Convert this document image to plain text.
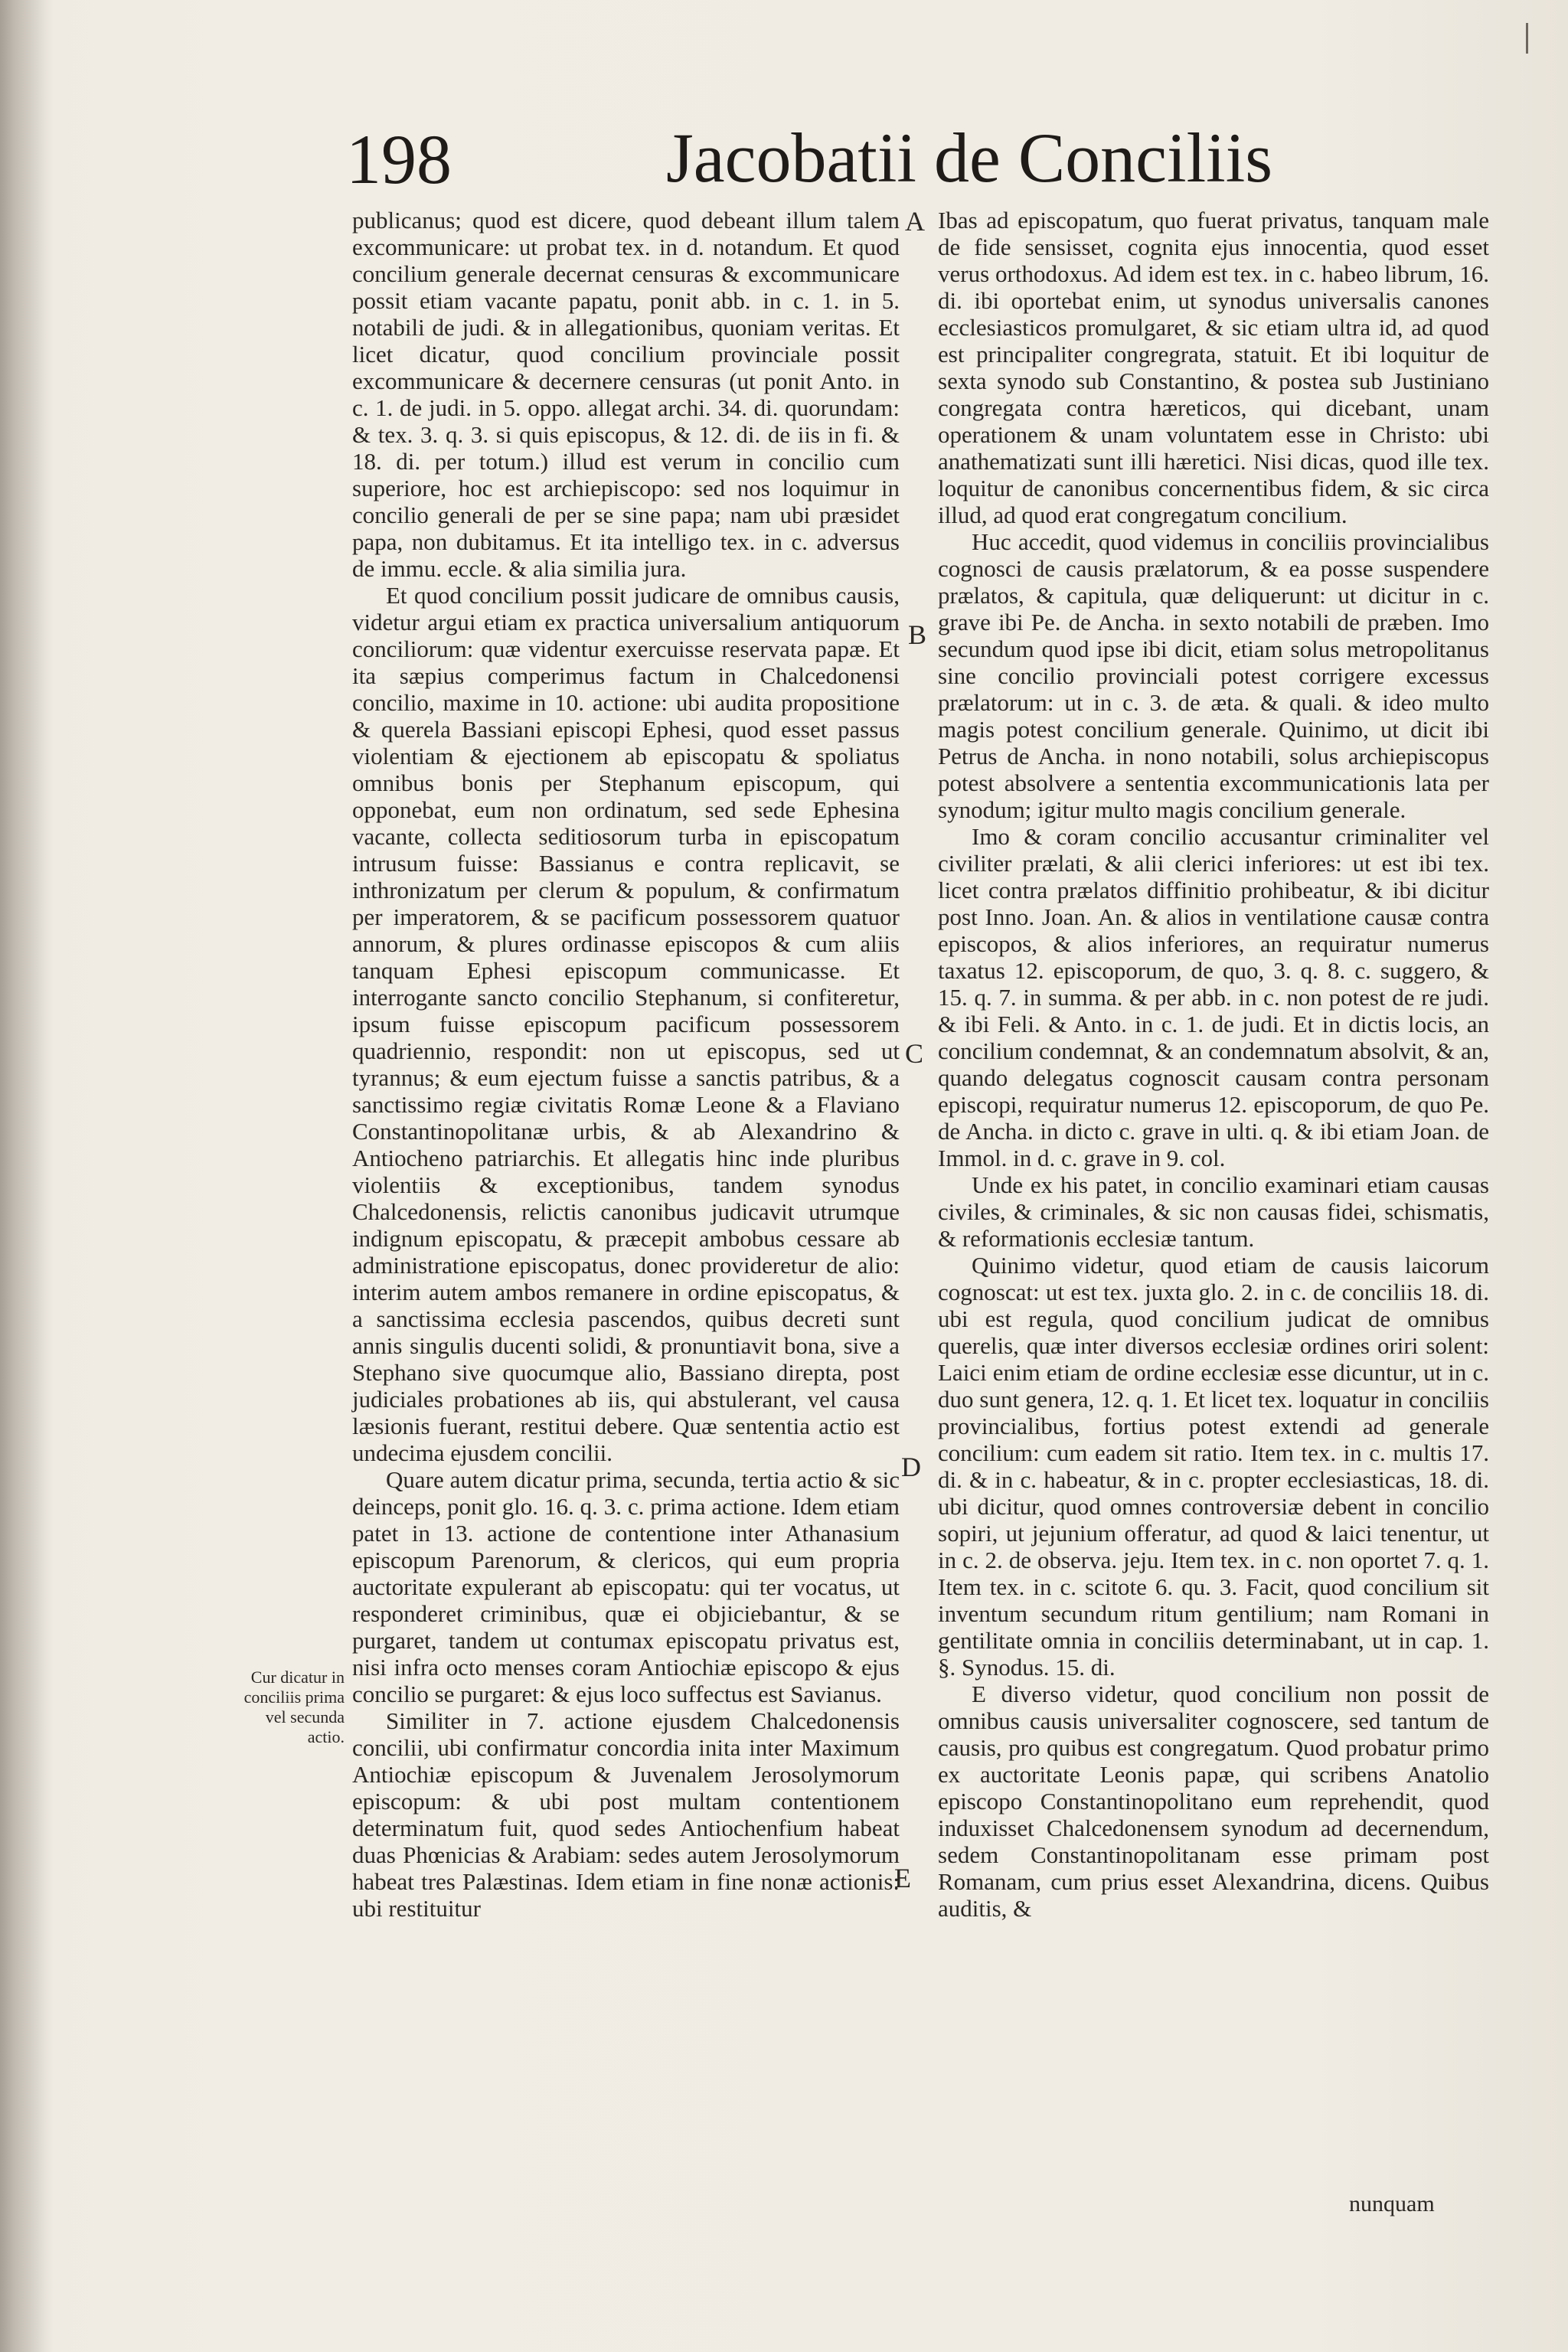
198	Jacobatii de Conciliis

publicanus; quod est dicere, quod debeant illum talem excommunicare: ut probat tex. in d. notandum. Et quod concilium generale decernat censuras & excommunicare possit etiam vacante papatu, ponit abb. in c. 1. in 5. notabili de judi. & in allegationibus, quoniam veritas. Et licet dicatur, quod concilium provinciale possit excommunicare & decernere censuras (ut ponit Anto. in c. 1. de judi. in 5. oppo. allegat archi. 34. di. quorundam: & tex. 3. q. 3. si quis episcopus, & 12. di. de iis in fi. & 18. di. per totum.) illud est verum in concilio cum superiore, hoc est archiepiscopo: sed nos loquimur in concilio generali de per se sine papa; nam ubi præsidet papa, non dubitamus. Et ita intelligo tex. in c. adversus de immu. eccle. & alia similia jura.

Et quod concilium possit judicare de omnibus causis, videtur argui etiam ex practica universalium antiquorum conciliorum: quæ videntur exercuisse reservata papæ. Et ita sæpius comperimus factum in Chalcedonensi concilio, maxime in 10. actione: ubi audita propositione & querela Bassiani episcopi Ephesi, quod esset passus violentiam & ejectionem ab episcopatu & spoliatus omnibus bonis per Stephanum episcopum, qui opponebat, eum non ordinatum, sed sede Ephesina vacante, collecta seditiosorum turba in episcopatum intrusum fuisse: Bassianus e contra replicavit, se inthronizatum per clerum & populum, & confirmatum per imperatorem, & se pacificum possessorem quatuor annorum, & plures ordinasse episcopos & cum aliis tanquam Ephesi episcopum communicasse. Et interrogante sancto concilio Stephanum, si confiteretur, ipsum fuisse episcopum pacificum possessorem quadriennio, respondit: non ut episcopus, sed ut tyrannus; & eum ejectum fuisse a sanctis patribus, & a sanctissimo regiæ civitatis Romæ Leone & a Flaviano Constantinopolitanæ urbis, & ab Alexandrino & Antiocheno patriarchis. Et allegatis hinc inde pluribus violentiis & exceptionibus, tandem synodus Chalcedonensis, relictis canonibus judicavit utrumque indignum episcopatu, & præcepit ambobus cessare ab administratione episcopatus, donec provideretur de alio: interim autem ambos remanere in ordine episcopatus, & a sanctissima ecclesia pascendos, quibus decreti sunt annis singulis ducenti solidi, & pronuntiavit bona, sive a Stephano sive quocumque alio, Bassiano direpta, post judiciales probationes ab iis, qui abstulerant, vel causa læsionis fuerant, restitui debere. Quæ sententia actio est undecima ejusdem concilii.

Quare autem dicatur prima, secunda, tertia actio & sic deinceps, ponit glo. 16. q. 3. c. prima actione. Idem etiam patet in 13. actione de contentione inter Athanasium episcopum Parenorum, & clericos, qui eum propria auctoritate expulerant ab episcopatu: qui ter vocatus, ut responderet criminibus, quæ ei objiciebantur, & se purgaret, tandem ut contumax episcopatu privatus est, nisi infra octo menses coram Antiochiæ episcopo & ejus concilio se purgaret: & ejus loco suffectus est Savianus.

Similiter in 7. actione ejusdem Chalcedonensis concilii, ubi confirmatur concordia inita inter Maximum Antiochiæ episcopum & Juvenalem Jerosolymorum episcopum: & ubi post multam contentionem determinatum fuit, quod sedes Antiochenfium habeat duas Phœnicias & Arabiam: sedes autem Jerosolymorum habeat tres Palæstinas. Idem etiam in fine nonæ actionis: ubi restituitur

Ibas ad episcopatum, quo fuerat privatus, tanquam male de fide sensisset, cognita ejus innocentia, quod esset verus orthodoxus. Ad idem est tex. in c. habeo librum, 16. di. ibi oportebat enim, ut synodus universalis canones ecclesiasticos promulgaret, & sic etiam ultra id, ad quod est principaliter congregrata, statuit. Et ibi loquitur de sexta synodo sub Constantino, & postea sub Justiniano congregata contra hæreticos, qui dicebant, unam operationem & unam voluntatem esse in Christo: ubi anathematizati sunt illi hæretici. Nisi dicas, quod ille tex. loquitur de canonibus concernentibus fidem, & sic circa illud, ad quod erat congregatum concilium.

Huc accedit, quod videmus in conciliis provincialibus cognosci de causis prælatorum, & ea posse suspendere prælatos, & capitula, quæ deliquerunt: ut dicitur in c. grave ibi Pe. de Ancha. in sexto notabili de præben. Imo secundum quod ipse ibi dicit, etiam solus metropolitanus sine concilio provinciali potest corrigere excessus prælatorum: ut in c. 3. de æta. & quali. & ideo multo magis potest concilium generale. Quinimo, ut dicit ibi Petrus de Ancha. in nono notabili, solus archiepiscopus potest absolvere a sententia excommunicationis lata per synodum; igitur multo magis concilium generale.

Imo & coram concilio accusantur criminaliter vel civiliter prælati, & alii clerici inferiores: ut est ibi tex. licet contra prælatos diffinitio prohibeatur, & ibi dicitur post Inno. Joan. An. & alios in ventilatione causæ contra episcopos, & alios inferiores, an requiratur numerus taxatus 12. episcoporum, de quo, 3. q. 8. c. suggero, & 15. q. 7. in summa. & per abb. in c. non potest de re judi. & ibi Feli. & Anto. in c. 1. de judi. Et in dictis locis, an concilium condemnat, & an condemnatum absolvit, & an, quando delegatus cognoscit causam contra personam episcopi, requiratur numerus 12. episcoporum, de quo Pe. de Ancha. in dicto c. grave in ulti. q. & ibi etiam Joan. de Immol. in d. c. grave in 9. col.

Unde ex his patet, in concilio examinari etiam causas civiles, & criminales, & sic non causas fidei, schismatis, & reformationis ecclesiæ tantum.

Quinimo videtur, quod etiam de causis laicorum cognoscat: ut est tex. juxta glo. 2. in c. de conciliis 18. di. ubi est regula, quod concilium judicat de omnibus querelis, quæ inter diversos ecclesiæ ordines oriri solent: Laici enim etiam de ordine ecclesiæ esse dicuntur, ut in c. duo sunt genera, 12. q. 1. Et licet tex. loquatur in conciliis provincialibus, fortius potest extendi ad generale concilium: cum eadem sit ratio. Item tex. in c. multis 17. di. & in c. habeatur, & in c. propter ecclesiasticas, 18. di. ubi dicitur, quod omnes controversiæ debent in concilio sopiri, ut jejunium offeratur, ad quod & laici tenentur, ut in c. 2. de observa. jeju. Item tex. in c. non oportet 7. q. 1. Item tex. in c. scitote 6. qu. 3. Facit, quod concilium sit inventum secundum ritum gentilium; nam Romani in gentilitate omnia in conciliis determinabant, ut in cap. 1. §. Synodus. 15. di.

E diverso videtur, quod concilium non possit de omnibus causis universaliter cognoscere, sed tantum de causis, pro quibus est congregatum. Quod probatur primo ex auctoritate Leonis papæ, qui scribens Anatolio episcopo Constantinopolitano eum reprehendit, quod induxisset Chalcedonensem synodum ad decernendum, sedem Constantinopolitanam esse primam post Romanam, cum prius esset Alexandrina, dicens. Quibus auditis, &

A
B
C
D
E
Cur dicatur in conciliis prima vel secunda actio.
nunquam
